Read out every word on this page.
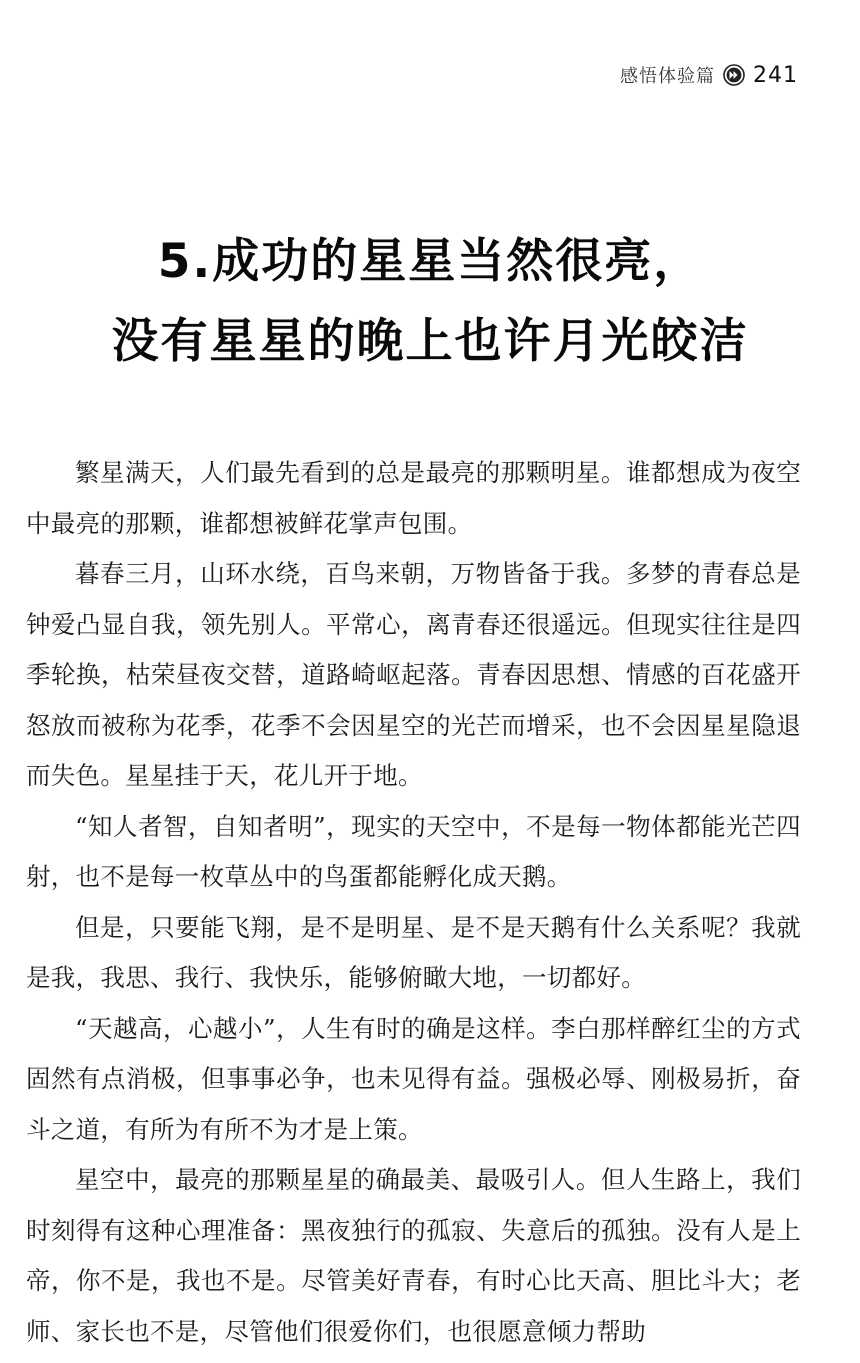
感悟体验篇 241
5.成功的星星当然很亮，
没有星星的晚上也许月光皎洁

繁星满天，人们最先看到的总是最亮的那颗明星。谁都想成为夜空中最亮的那颗，谁都想被鲜花掌声包围。

暮春三月，山环水绕，百鸟来朝，万物皆备于我。多梦的青春总是钟爱凸显自我，领先别人。平常心，离青春还很遥远。但现实往往是四季轮换，枯荣昼夜交替，道路崎岖起落。青春因思想、情感的百花盛开怒放而被称为花季，花季不会因星空的光芒而增采，也不会因星星隐退而失色。星星挂于天，花儿开于地。

“知人者智，自知者明”，现实的天空中，不是每一物体都能光芒四射，也不是每一枚草丛中的鸟蛋都能孵化成天鹅。

但是，只要能飞翔，是不是明星、是不是天鹅有什么关系呢？我就是我，我思、我行、我快乐，能够俯瞰大地，一切都好。

“天越高，心越小”，人生有时的确是这样。李白那样醉红尘的方式固然有点消极，但事事必争，也未见得有益。强极必辱、刚极易折，奋斗之道，有所为有所不为才是上策。

星空中，最亮的那颗星星的确最美、最吸引人。但人生路上，我们时刻得有这种心理准备：黑夜独行的孤寂、失意后的孤独。没有人是上帝，你不是，我也不是。尽管美好青春，有时心比天高、胆比斗大；老师、家长也不是，尽管他们很爱你们，也很愿意倾力帮助
